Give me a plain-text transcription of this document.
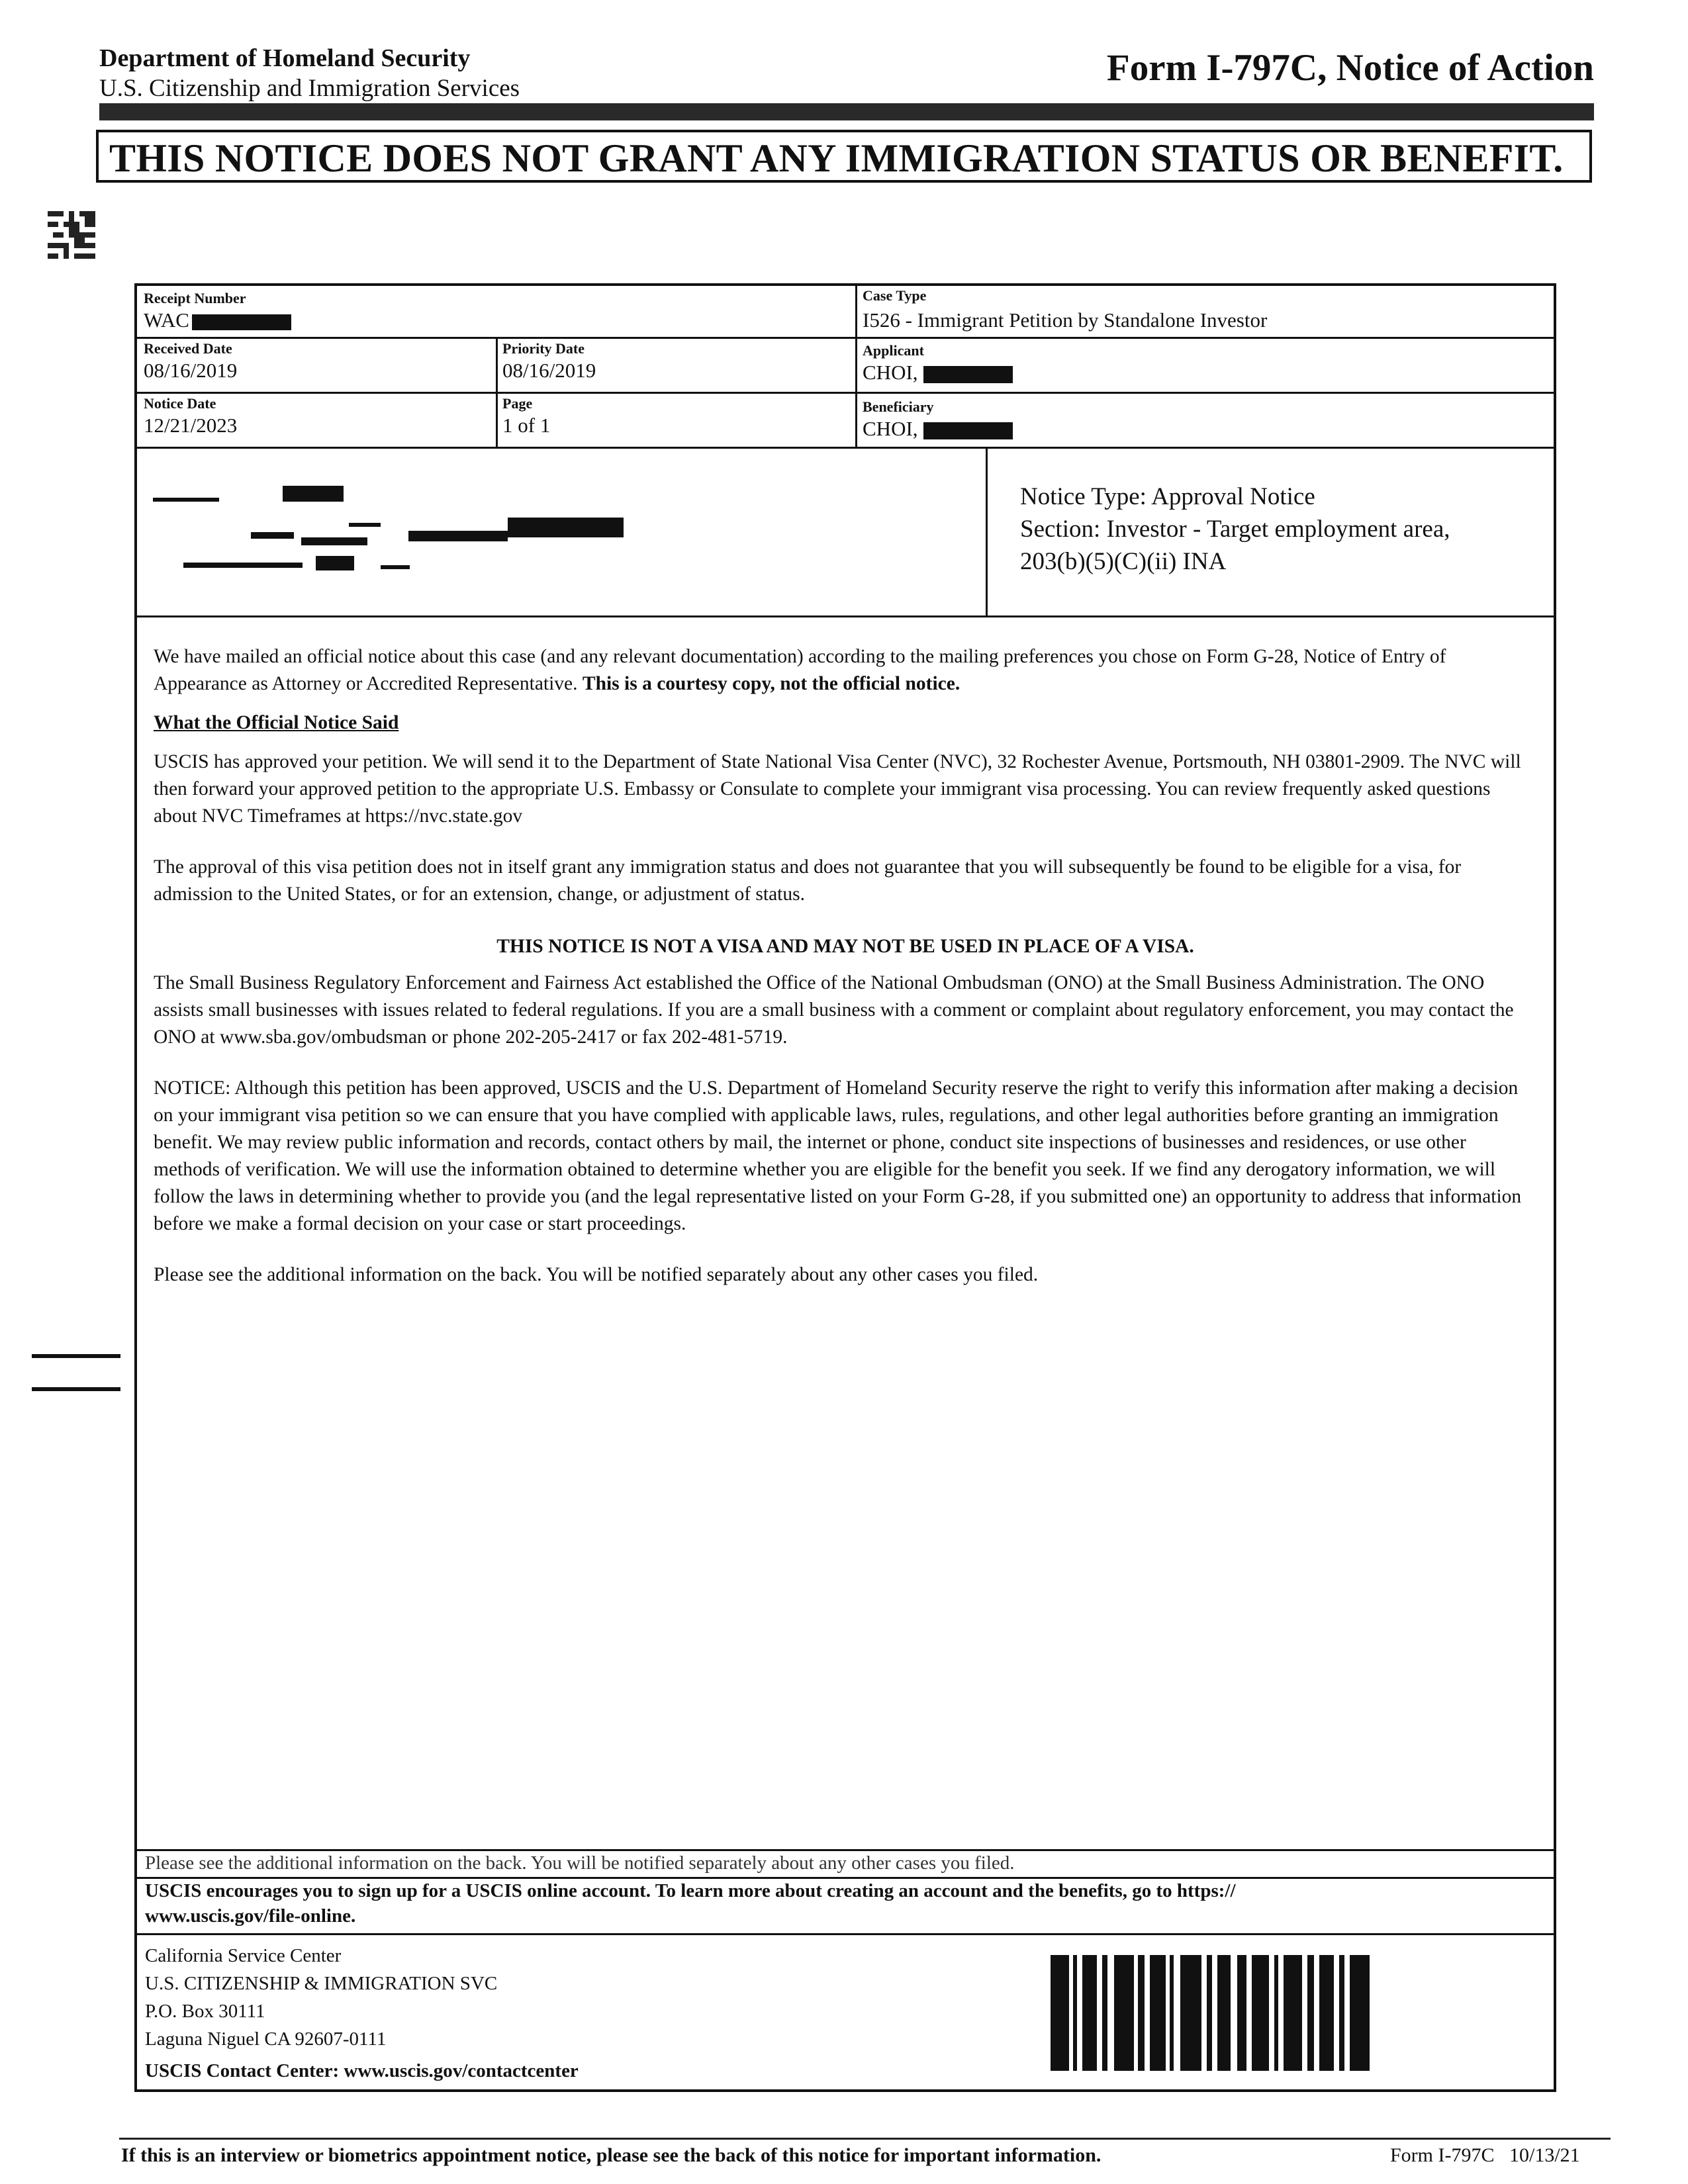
Department of Homeland Security
U.S. Citizenship and Immigration Services	Form I-797C, Notice of Action
THIS NOTICE DOES NOT GRANT ANY IMMIGRATION STATUS OR BENEFIT.
Receipt Number
WAC
Case Type
I526 - Immigrant Petition by Standalone Investor
Received Date
08/16/2019
Priority Date
08/16/2019
Applicant
CHOI,
Notice Date
12/21/2023
Page
1 of 1
Beneficiary
CHOI,
Notice Type: Approval Notice
Section: Investor - Target employment area,
203(b)(5)(C)(ii) INA

We have mailed an official notice about this case (and any relevant documentation) according to the mailing preferences you chose on Form G-28, Notice of Entry of Appearance as Attorney or Accredited Representative. This is a courtesy copy, not the official notice.

What the Official Notice Said

USCIS has approved your petition. We will send it to the Department of State National Visa Center (NVC), 32 Rochester Avenue, Portsmouth, NH 03801-2909. The NVC will then forward your approved petition to the appropriate U.S. Embassy or Consulate to complete your immigrant visa processing. You can review frequently asked questions about NVC Timeframes at https://nvc.state.gov

The approval of this visa petition does not in itself grant any immigration status and does not guarantee that you will subsequently be found to be eligible for a visa, for admission to the United States, or for an extension, change, or adjustment of status.

THIS NOTICE IS NOT A VISA AND MAY NOT BE USED IN PLACE OF A VISA.

The Small Business Regulatory Enforcement and Fairness Act established the Office of the National Ombudsman (ONO) at the Small Business Administration. The ONO assists small businesses with issues related to federal regulations. If you are a small business with a comment or complaint about regulatory enforcement, you may contact the ONO at www.sba.gov/ombudsman or phone 202-205-2417 or fax 202-481-5719.

NOTICE: Although this petition has been approved, USCIS and the U.S. Department of Homeland Security reserve the right to verify this information after making a decision on your immigrant visa petition so we can ensure that you have complied with applicable laws, rules, regulations, and other legal authorities before granting an immigration benefit. We may review public information and records, contact others by mail, the internet or phone, conduct site inspections of businesses and residences, or use other methods of verification. We will use the information obtained to determine whether you are eligible for the benefit you seek. If we find any derogatory information, we will follow the laws in determining whether to provide you (and the legal representative listed on your Form G-28, if you submitted one) an opportunity to address that information before we make a formal decision on your case or start proceedings.

Please see the additional information on the back. You will be notified separately about any other cases you filed.

Please see the additional information on the back. You will be notified separately about any other cases you filed.
USCIS encourages you to sign up for a USCIS online account. To learn more about creating an account and the benefits, go to https://
www.uscis.gov/file-online.
California Service Center
U.S. CITIZENSHIP & IMMIGRATION SVC
P.O. Box 30111
Laguna Niguel CA 92607-0111
USCIS Contact Center: www.uscis.gov/contactcenter
If this is an interview or biometrics appointment notice, please see the back of this notice for important information.	Form I-797C   10/13/21
